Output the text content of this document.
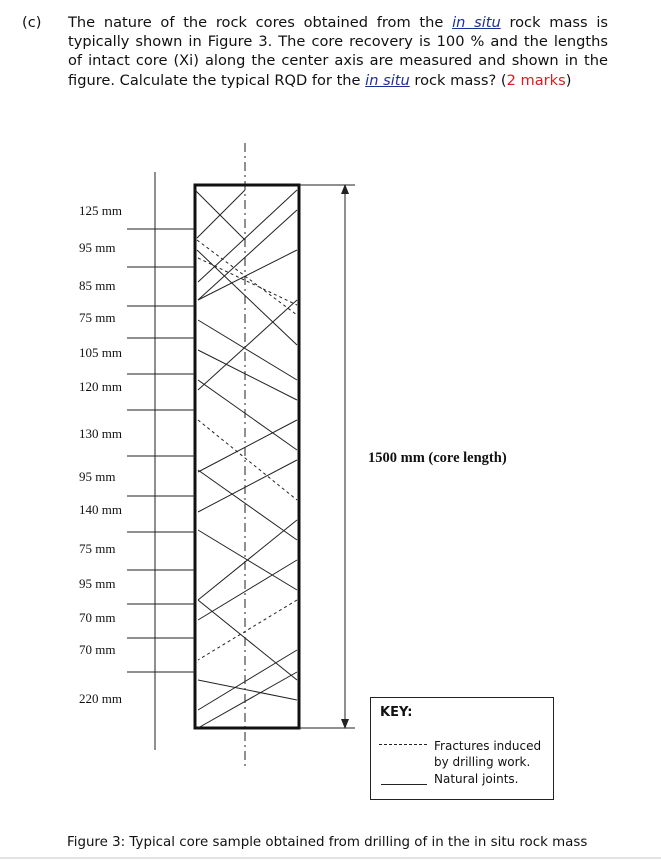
(c) The nature of the rock cores obtained from the in situ rock mass is typically shown in Figure 3. The core recovery is 100 % and the lengths of intact core (Xi) along the center axis are measured and shown in the figure. Calculate the typical RQD for the in situ rock mass? (2 marks)
1500 mm (core length)
125 mm
95 mm
85 mm
75 mm
105 mm
120 mm
130 mm
95 mm
140 mm
75 mm
95 mm
70 mm
70 mm
220 mm
KEY:
Fractures induced by drilling work.
Natural joints.
Figure 3: Typical core sample obtained from drilling of in the in situ rock mass
